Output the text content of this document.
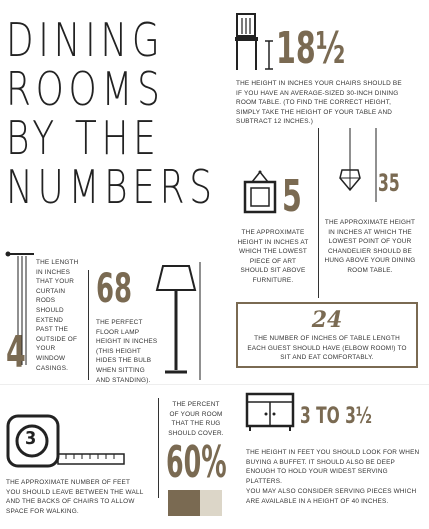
DINING
ROOMS
BY THE
NUMBERS
18½
THE HEIGHT IN INCHES YOUR CHAIRS SHOULD BE IF YOU HAVE AN AVERAGE-SIZED 30-INCH DINING ROOM TABLE. (TO FIND THE CORRECT HEIGHT, SIMPLY TAKE THE HEIGHT OF YOUR TABLE AND SUBTRACT 12 INCHES.)
5
THE APPROXIMATE HEIGHT IN INCHES AT WHICH THE LOWEST PIECE OF ART SHOULD SIT ABOVE FURNITURE.
35
THE APPROXIMATE HEIGHT IN INCHES AT WHICH THE LOWEST POINT OF YOUR CHANDELIER SHOULD BE HUNG ABOVE YOUR DINING ROOM TABLE.
4
THE LENGTH IN INCHES THAT YOUR CURTAIN RODS SHOULD EXTEND PAST THE OUTSIDE OF YOUR WINDOW CASINGS.
68
THE PERFECT FLOOR LAMP HEIGHT IN INCHES (THIS HEIGHT HIDES THE BULB WHEN SITTING AND STANDING).
24
THE NUMBER OF INCHES OF TABLE LENGTH EACH GUEST SHOULD HAVE (ELBOW ROOM!) TO SIT AND EAT COMFORTABLY.
3
THE APPROXIMATE NUMBER OF FEET YOU SHOULD LEAVE BETWEEN THE WALL AND THE BACKS OF CHAIRS TO ALLOW SPACE FOR WALKING.
THE PERCENT OF YOUR ROOM THAT THE RUG SHOULD COVER.
60%
3 TO 3½
THE HEIGHT IN FEET YOU SHOULD LOOK FOR WHEN BUYING A BUFFET. IT SHOULD ALSO BE DEEP ENOUGH TO HOLD YOUR WIDEST SERVING PLATTERS.
YOU MAY ALSO CONSIDER SERVING PIECES WHICH ARE AVAILABLE IN A HEIGHT OF 40 INCHES.
